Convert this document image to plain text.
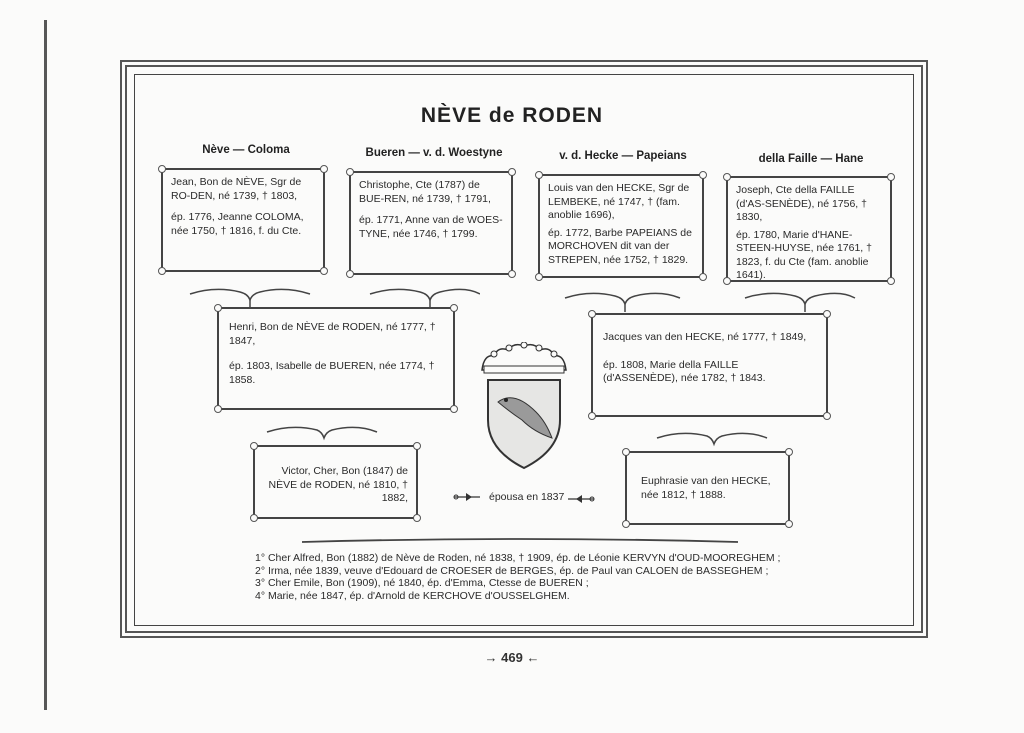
NÈVE de RODEN
Nève — Coloma	Bueren — v. d. Woestyne	v. d. Hecke — Papeians	della Faille — Hane

Jean, Bon de NÈVE, Sgr de RO-DEN, né 1739, † 1803,

ép. 1776, Jeanne COLOMA, née 1750, † 1816, f. du Cte.

Christophe, Cte (1787) de BUE-REN, né 1739, † 1791,

ép. 1771, Anne van de WOES-TYNE, née 1746, † 1799.

Louis van den HECKE, Sgr de LEMBEKE, né 1747, † (fam. anoblie 1696),

ép. 1772, Barbe PAPEIANS de MORCHOVEN dit van der STREPEN, née 1752, † 1829.

Joseph, Cte della FAILLE (d'AS-SENÈDE), né 1756, † 1830,

ép. 1780, Marie d'HANE-STEEN-HUYSE, née 1761, † 1823, f. du Cte (fam. anoblie 1641).

Henri, Bon de NÈVE de RODEN, né 1777, † 1847,

ép. 1803, Isabelle de BUEREN, née 1774, † 1858.

Jacques van den HECKE, né 1777, † 1849,

ép. 1808, Marie della FAILLE (d'ASSENÈDE), née 1782, † 1843.

Victor, Cher, Bon (1847) de NÈVE de RODEN, né 1810, † 1882,

Euphrasie van den HECKE, née 1812, † 1888.

épousa en 1837
1° Cher Alfred, Bon (1882) de Nève de Roden, né 1838, † 1909, ép. de Léonie KERVYN d'OUD-MOOREGHEM ;
2° Irma, née 1839, veuve d'Edouard de CROESER de BERGES, ép. de Paul van CALOEN de BASSEGHEM ;
3° Cher Emile, Bon (1909), né 1840, ép. d'Emma, Ctesse de BUEREN ;
4° Marie, née 1847, ép. d'Arnold de KERCHOVE d'OUSSELGHEM.
→ 469 ←
